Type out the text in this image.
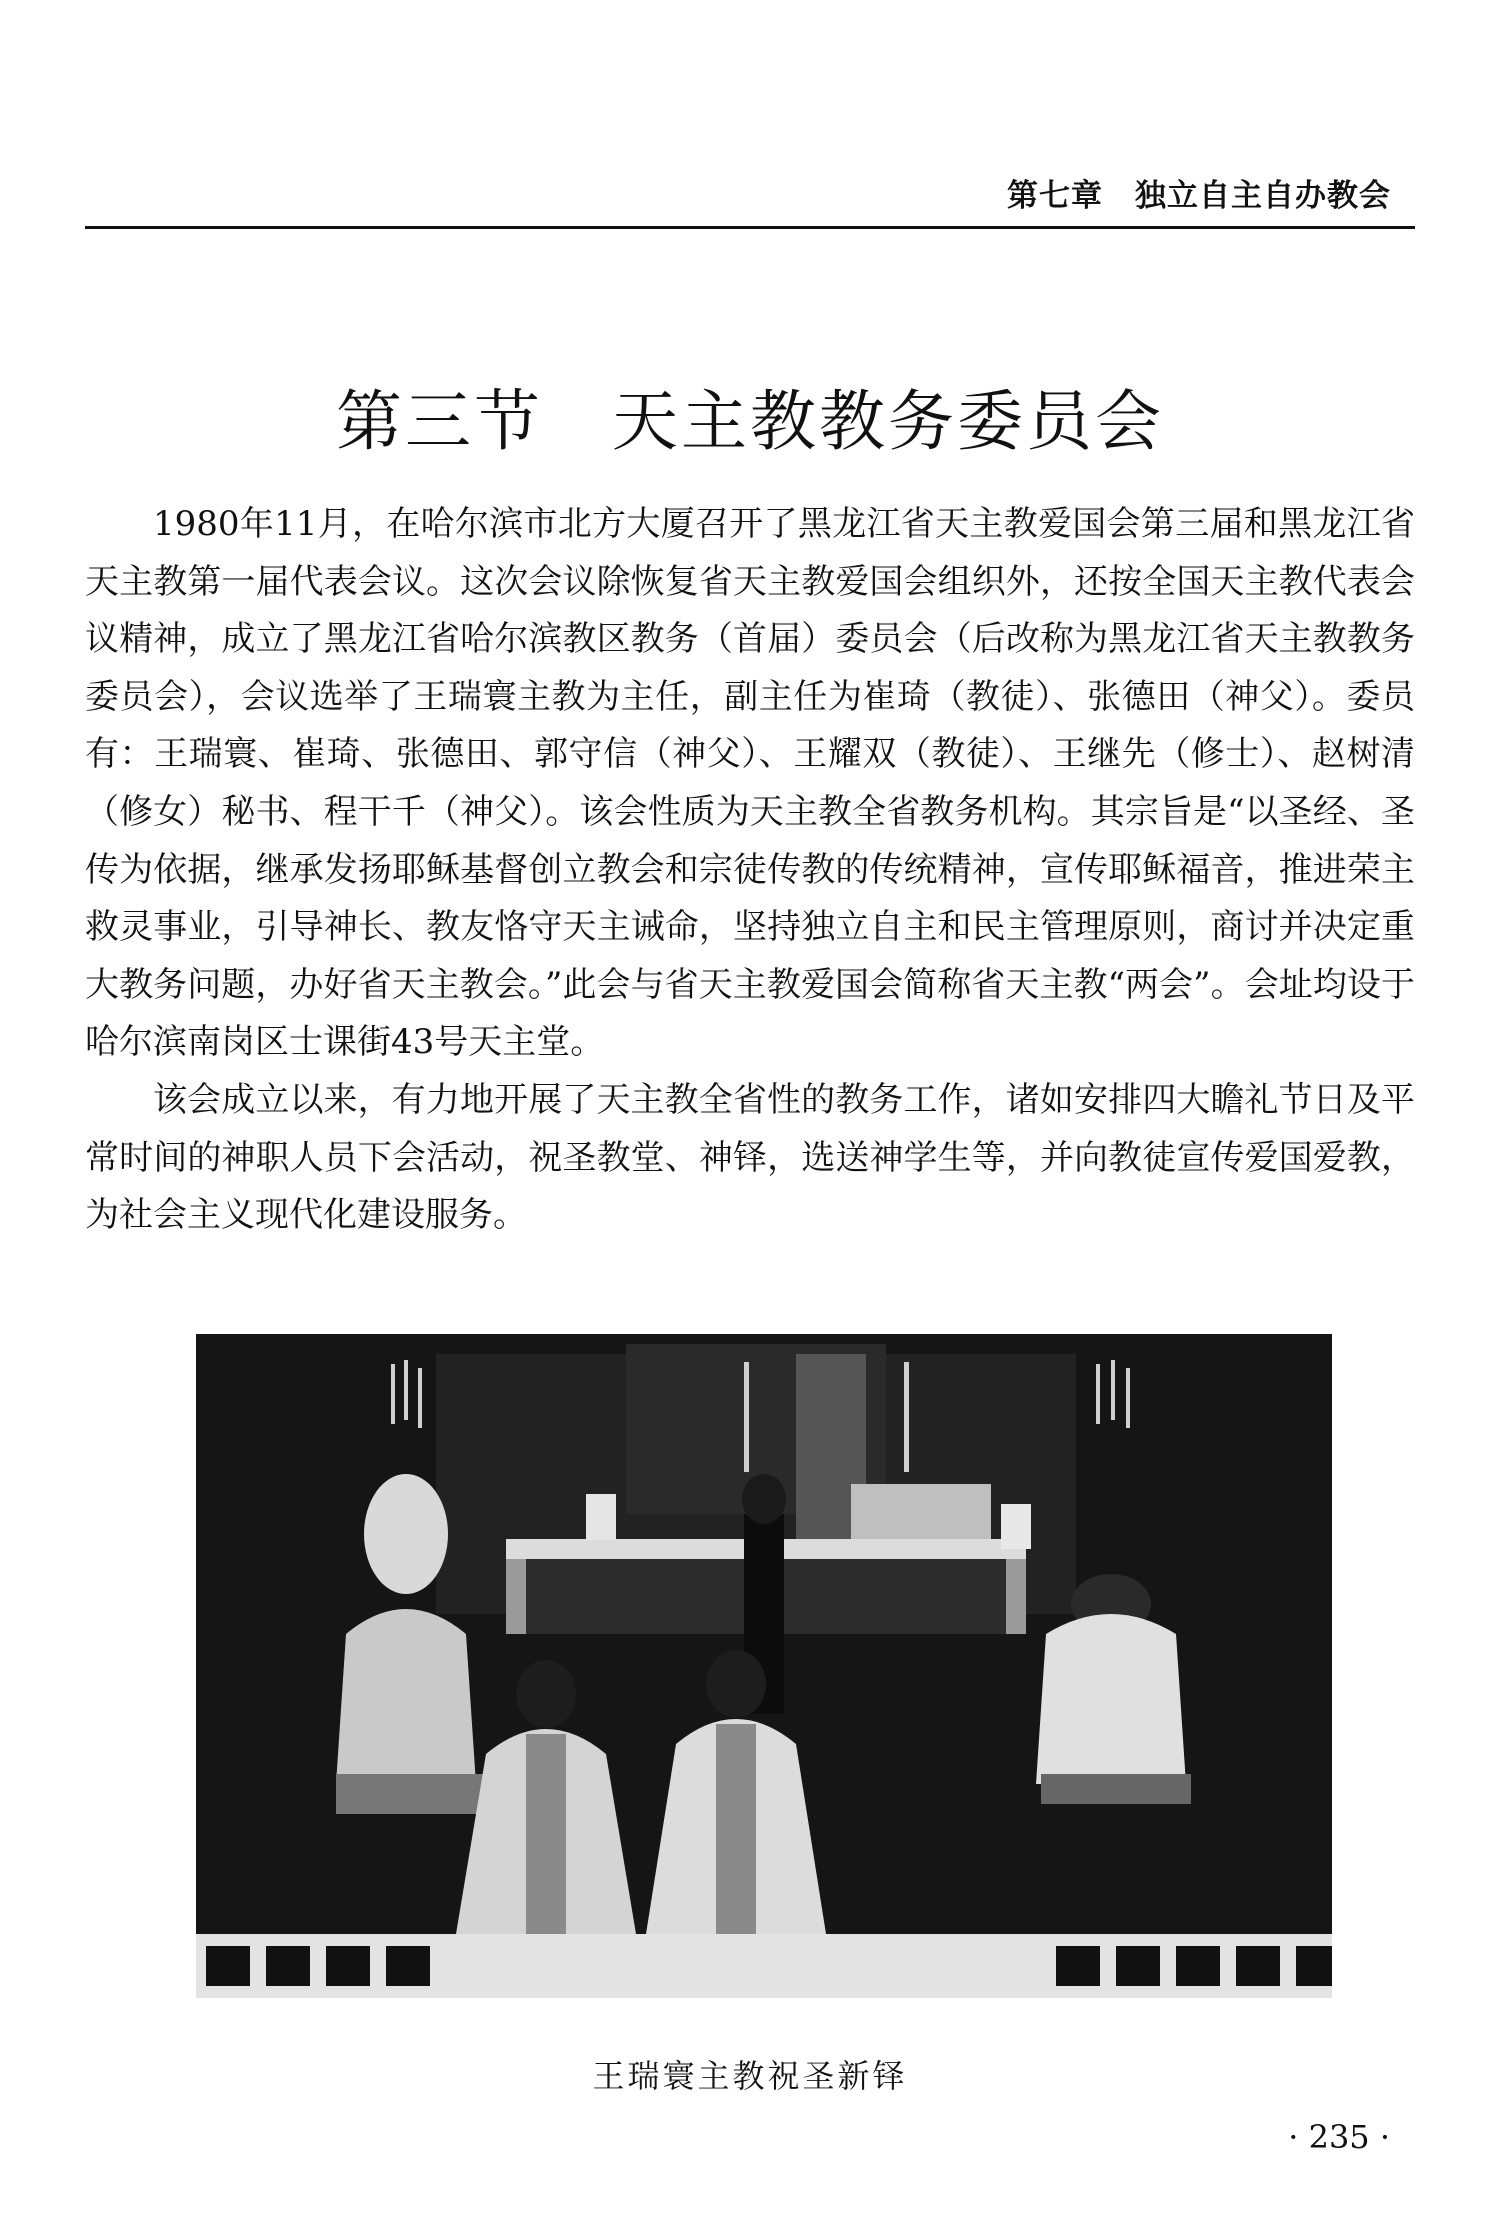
第七章　独立自主自办教会
第三节　天主教教务委员会

1980年11月，在哈尔滨市北方大厦召开了黑龙江省天主教爱国会第三届和黑龙江省天主教第一届代表会议。这次会议除恢复省天主教爱国会组织外，还按全国天主教代表会议精神，成立了黑龙江省哈尔滨教区教务（首届）委员会（后改称为黑龙江省天主教教务委员会），会议选举了王瑞寰主教为主任，副主任为崔琦（教徒）、张德田（神父）。委员有：王瑞寰、崔琦、张德田、郭守信（神父）、王耀双（教徒）、王继先（修士）、赵树清（修女）秘书、程干千（神父）。该会性质为天主教全省教务机构。其宗旨是“以圣经、圣传为依据，继承发扬耶稣基督创立教会和宗徒传教的传统精神，宣传耶稣福音，推进荣主救灵事业，引导神长、教友恪守天主诫命，坚持独立自主和民主管理原则，商讨并决定重大教务问题，办好省天主教会。”此会与省天主教爱国会简称省天主教“两会”。会址均设于哈尔滨南岗区士课街43号天主堂。

该会成立以来，有力地开展了天主教全省性的教务工作，诸如安排四大瞻礼节日及平常时间的神职人员下会活动，祝圣教堂、神铎，选送神学生等，并向教徒宣传爱国爱教，为社会主义现代化建设服务。

王瑞寰主教祝圣新铎
· 235 ·
